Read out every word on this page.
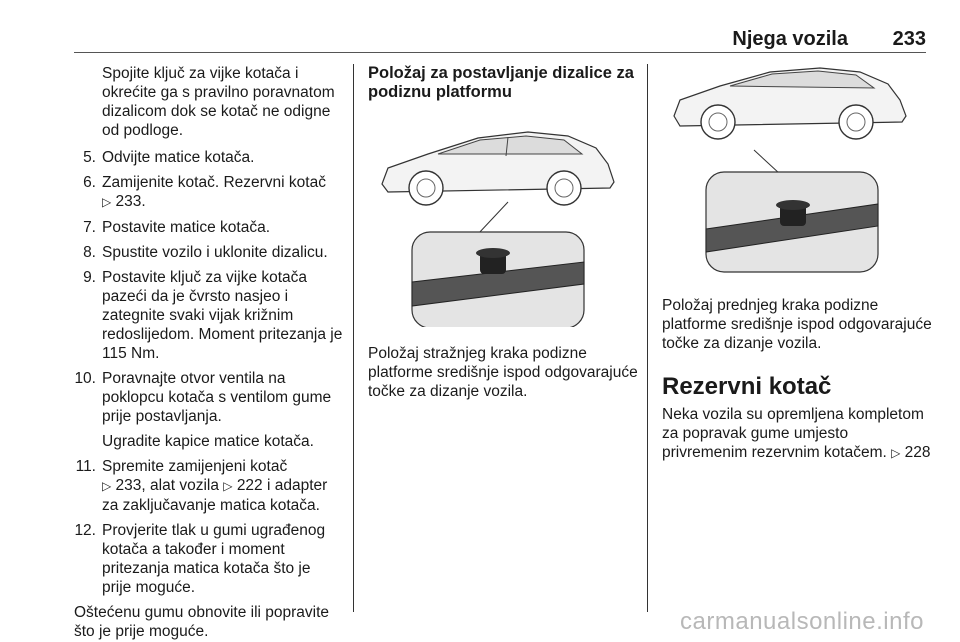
Njega vozila 233

Spojite ključ za vijke kotača i okrećite ga s pravilno poravnatom dizalicom dok se kotač ne odigne od podloge.

5. Odvijte matice kotača.
6. Zamijenite kotač. Rezervni kotač
▷ 233.
7. Postavite matice kotača.
8. Spustite vozilo i uklonite dizalicu.
9. Postavite ključ za vijke kotača pazeći da je čvrsto nasjeo i zategnite svaki vijak križnim redoslijedom. Moment pritezanja je 115 Nm.
10. Poravnajte otvor ventila na poklopcu kotača s ventilom gume prije postavljanja.

Ugradite kapice matice kotača.

11. Spremite zamijenjeni kotač
▷ 233, alat vozila ▷ 222 i adapter za zaključavanje matica kotača.
12. Provjerite tlak u gumi ugrađenog kotača a također i moment pritezanja matica kotača što je prije moguće.

Oštećenu gumu obnovite ili popravite što je prije moguće.

Položaj za postavljanje dizalice za podiznu platformu
Položaj stražnjeg kraka podizne platforme središnje ispod odgovarajuće točke za dizanje vozila.
Položaj prednjeg kraka podizne platforme središnje ispod odgovarajuće točke za dizanje vozila.
Rezervni kotač
Neka vozila su opremljena kompletom za popravak gume umjesto privremenim rezervnim kotačem. ▷ 228
carmanualsonline.info
